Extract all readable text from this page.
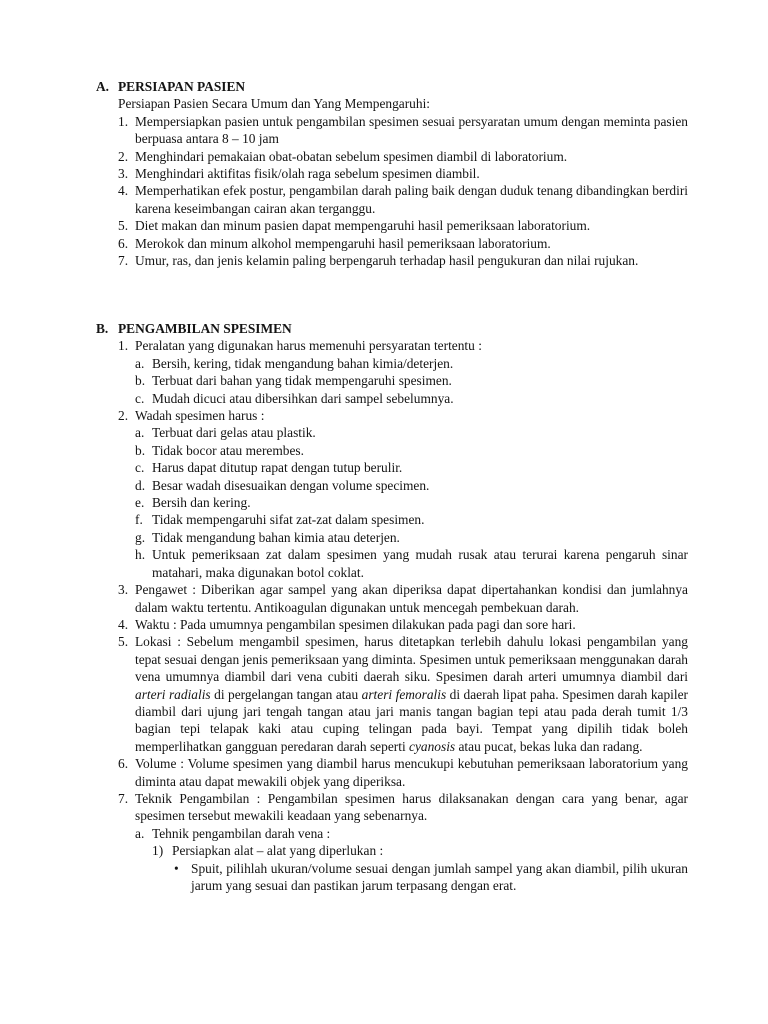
A. PERSIAPAN PASIEN
Persiapan Pasien Secara Umum dan Yang Mempengaruhi:
1. Mempersiapkan pasien untuk pengambilan spesimen sesuai persyaratan umum dengan meminta pasien berpuasa antara 8 – 10 jam
2. Menghindari pemakaian obat-obatan sebelum spesimen diambil di laboratorium.
3. Menghindari aktifitas fisik/olah raga sebelum spesimen diambil.
4. Memperhatikan efek postur, pengambilan darah paling baik dengan duduk tenang dibandingkan berdiri karena keseimbangan cairan akan terganggu.
5. Diet makan dan minum pasien dapat mempengaruhi hasil pemeriksaan laboratorium.
6. Merokok dan minum alkohol mempengaruhi hasil pemeriksaan laboratorium.
7. Umur, ras, dan jenis kelamin paling berpengaruh terhadap hasil pengukuran dan nilai rujukan.
B. PENGAMBILAN SPESIMEN
1. Peralatan yang digunakan harus memenuhi persyaratan tertentu :
a. Bersih, kering, tidak mengandung bahan kimia/deterjen.
b. Terbuat dari bahan yang tidak mempengaruhi spesimen.
c. Mudah dicuci atau dibersihkan dari sampel sebelumnya.
2. Wadah spesimen harus :
a. Terbuat dari gelas atau plastik.
b. Tidak bocor atau merembes.
c. Harus dapat ditutup rapat dengan tutup berulir.
d. Besar wadah disesuaikan dengan volume specimen.
e. Bersih dan kering.
f. Tidak mempengaruhi sifat zat-zat dalam spesimen.
g. Tidak mengandung bahan kimia atau deterjen.
h. Untuk pemeriksaan zat dalam spesimen yang mudah rusak atau terurai karena pengaruh sinar matahari, maka digunakan botol coklat.
3. Pengawet : Diberikan agar sampel yang akan diperiksa dapat dipertahankan kondisi dan jumlahnya dalam waktu tertentu. Antikoagulan digunakan untuk mencegah pembekuan darah.
4. Waktu : Pada umumnya pengambilan spesimen dilakukan pada pagi dan sore hari.
5. Lokasi : Sebelum mengambil spesimen, harus ditetapkan terlebih dahulu lokasi pengambilan yang tepat sesuai dengan jenis pemeriksaan yang diminta. Spesimen untuk pemeriksaan menggunakan darah vena umumnya diambil dari vena cubiti daerah siku. Spesimen darah arteri umumnya diambil dari arteri radialis di pergelangan tangan atau arteri femoralis di daerah lipat paha. Spesimen darah kapiler diambil dari ujung jari tengah tangan atau jari manis tangan bagian tepi atau pada derah tumit 1/3 bagian tepi telapak kaki atau cuping telingan pada bayi. Tempat yang dipilih tidak boleh memperlihatkan gangguan peredaran darah seperti cyanosis atau pucat, bekas luka dan radang.
6. Volume : Volume spesimen yang diambil harus mencukupi kebutuhan pemeriksaan laboratorium yang diminta atau dapat mewakili objek yang diperiksa.
7. Teknik Pengambilan : Pengambilan spesimen harus dilaksanakan dengan cara yang benar, agar spesimen tersebut mewakili keadaan yang sebenarnya.
a. Tehnik pengambilan darah vena :
1) Persiapkan alat – alat yang diperlukan :
• Spuit, pilihlah ukuran/volume sesuai dengan jumlah sampel yang akan diambil, pilih ukuran jarum yang sesuai dan pastikan jarum terpasang dengan erat.
